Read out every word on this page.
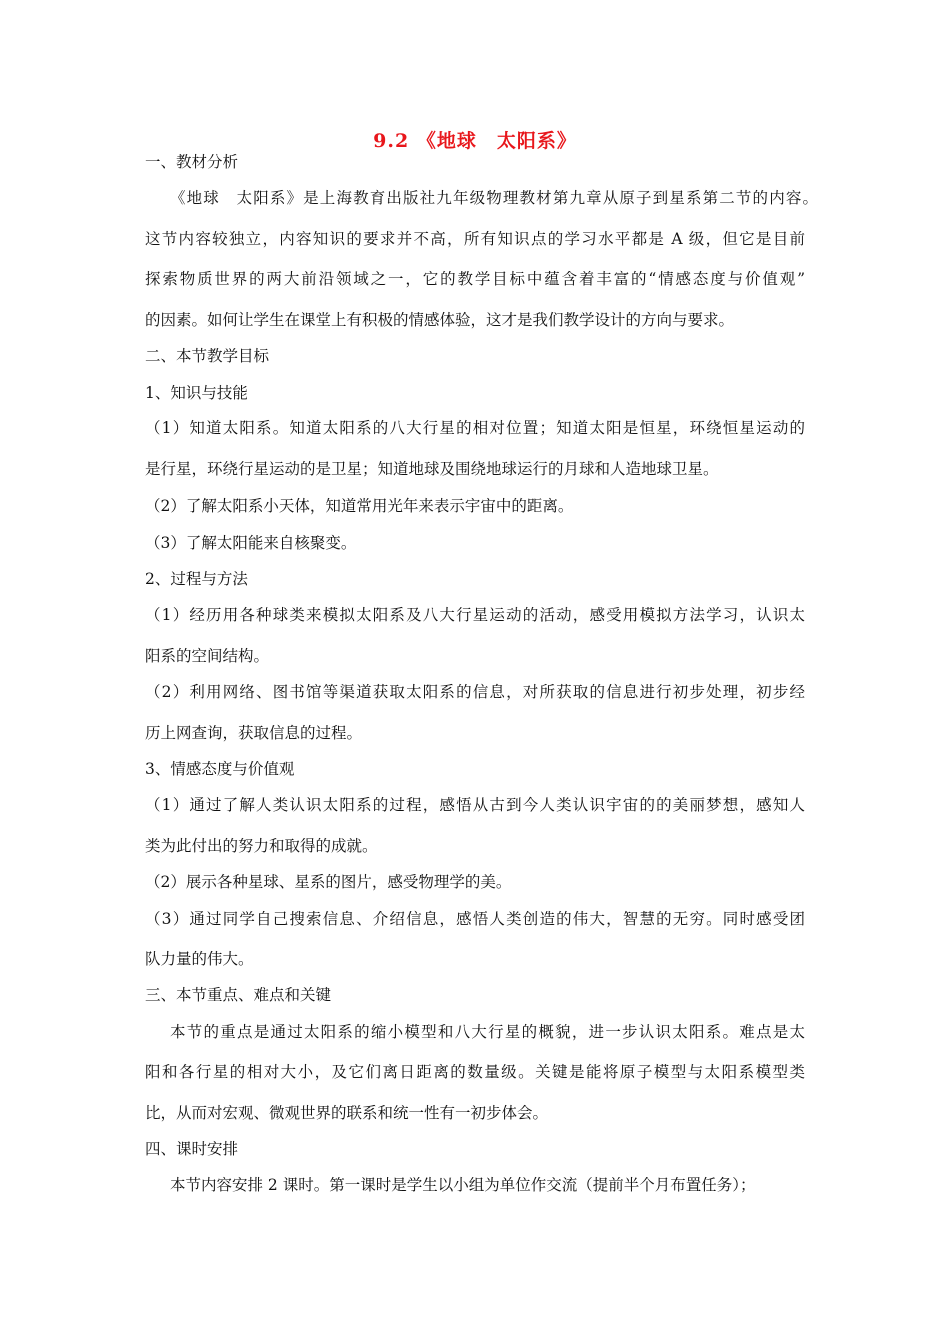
9.2 《地球　太阳系》
一、教材分析
《地球　太阳系》是上海教育出版社九年级物理教材第九章从原子到星系第二节的内容。
这节内容较独立，内容知识的要求并不高，所有知识点的学习水平都是 A 级，但它是目前
探索物质世界的两大前沿领域之一，它的教学目标中蕴含着丰富的“情感态度与价值观”
的因素。如何让学生在课堂上有积极的情感体验，这才是我们教学设计的方向与要求。
二、本节教学目标
1、知识与技能
（1）知道太阳系。知道太阳系的八大行星的相对位置；知道太阳是恒星，环绕恒星运动的
是行星，环绕行星运动的是卫星；知道地球及围绕地球运行的月球和人造地球卫星。
（2）了解太阳系小天体，知道常用光年来表示宇宙中的距离。
（3）了解太阳能来自核聚变。
2、过程与方法
（1）经历用各种球类来模拟太阳系及八大行星运动的活动，感受用模拟方法学习，认识太
阳系的空间结构。
（2）利用网络、图书馆等渠道获取太阳系的信息，对所获取的信息进行初步处理，初步经
历上网查询，获取信息的过程。
3、情感态度与价值观
（1）通过了解人类认识太阳系的过程，感悟从古到今人类认识宇宙的的美丽梦想，感知人
类为此付出的努力和取得的成就。
（2）展示各种星球、星系的图片，感受物理学的美。
（3）通过同学自己搜索信息、介绍信息，感悟人类创造的伟大，智慧的无穷。同时感受团
队力量的伟大。
三、本节重点、难点和关键
本节的重点是通过太阳系的缩小模型和八大行星的概貌，进一步认识太阳系。难点是太
阳和各行星的相对大小，及它们离日距离的数量级。关键是能将原子模型与太阳系模型类
比，从而对宏观、微观世界的联系和统一性有一初步体会。
四、课时安排
本节内容安排 2 课时。第一课时是学生以小组为单位作交流（提前半个月布置任务）；
